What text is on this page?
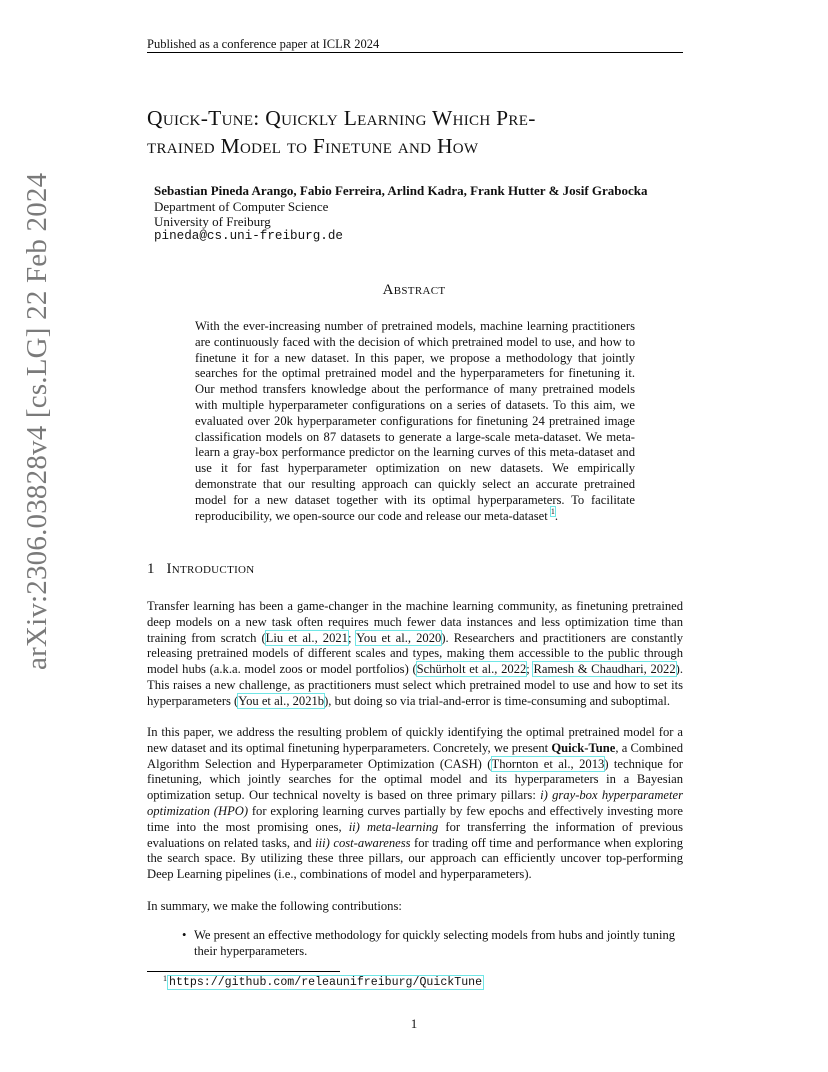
Published as a conference paper at ICLR 2024
arXiv:2306.03828v4 [cs.LG] 22 Feb 2024
Quick-Tune: Quickly Learning Which Pre-
trained Model to Finetune and How
Sebastian Pineda Arango, Fabio Ferreira, Arlind Kadra, Frank Hutter & Josif Grabocka
Department of Computer Science
University of Freiburg
pineda@cs.uni-freiburg.de
Abstract
With the ever-increasing number of pretrained models, machine learning practitioners are continuously faced with the decision of which pretrained model to use, and how to finetune it for a new dataset. In this paper, we propose a methodology that jointly searches for the optimal pretrained model and the hyperparameters for finetuning it. Our method transfers knowledge about the performance of many pretrained models with multiple hyperparameter configurations on a series of datasets. To this aim, we evaluated over 20k hyperparameter configurations for finetuning 24 pretrained image classification models on 87 datasets to generate a large-scale meta-dataset. We meta-learn a gray-box performance predictor on the learning curves of this meta-dataset and use it for fast hyperparameter optimization on new datasets. We empirically demonstrate that our resulting approach can quickly select an accurate pretrained model for a new dataset together with its optimal hyperparameters. To facilitate reproducibility, we open-source our code and release our meta-dataset $^1$.
1 Introduction
Transfer learning has been a game-changer in the machine learning community, as finetuning pretrained deep models on a new task often requires much fewer data instances and less optimization time than training from scratch (Liu et al., 2021; You et al., 2020). Researchers and practitioners are constantly releasing pretrained models of different scales and types, making them accessible to the public through model hubs (a.k.a. model zoos or model portfolios) (Schürholt et al., 2022; Ramesh & Chaudhari, 2022). This raises a new challenge, as practitioners must select which pretrained model to use and how to set its hyperparameters (You et al., 2021b), but doing so via trial-and-error is time-consuming and suboptimal.
In this paper, we address the resulting problem of quickly identifying the optimal pretrained model for a new dataset and its optimal finetuning hyperparameters. Concretely, we present Quick-Tune, a Combined Algorithm Selection and Hyperparameter Optimization (CASH) (Thornton et al., 2013) technique for finetuning, which jointly searches for the optimal model and its hyperparameters in a Bayesian optimization setup. Our technical novelty is based on three primary pillars: i) gray-box hyperparameter optimization (HPO) for exploring learning curves partially by few epochs and effectively investing more time into the most promising ones, ii) meta-learning for transferring the information of previous evaluations on related tasks, and iii) cost-awareness for trading off time and performance when exploring the search space. By utilizing these three pillars, our approach can efficiently uncover top-performing Deep Learning pipelines (i.e., combinations of model and hyperparameters).
In summary, we make the following contributions:
• We present an effective methodology for quickly selecting models from hubs and jointly tuning their hyperparameters.
1 https://github.com/releaunifreiburg/QuickTune
1
